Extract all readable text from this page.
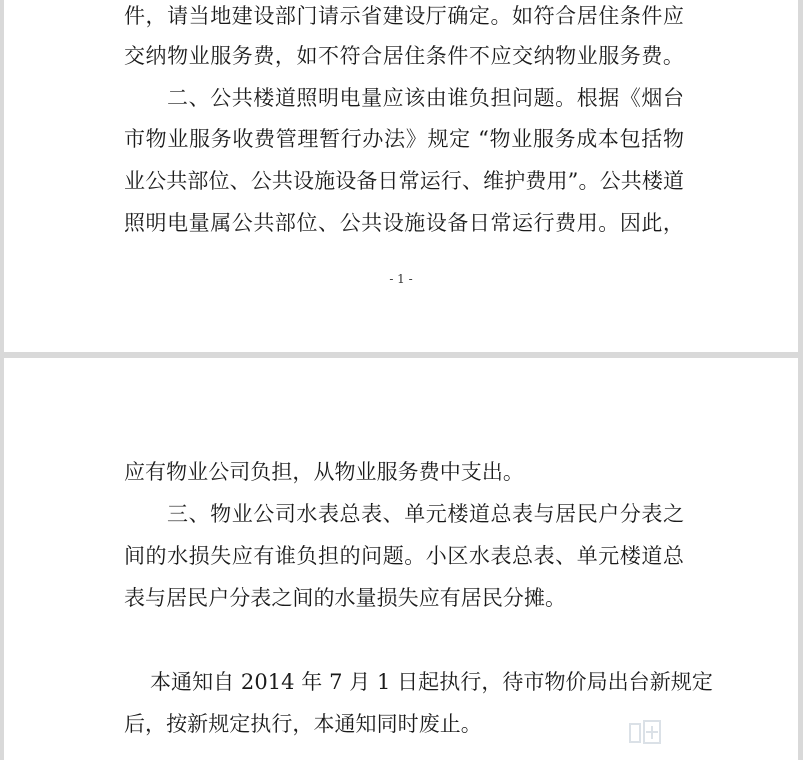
件，请当地建设部门请示省建设厅确定。如符合居住条件应
交纳物业服务费，如不符合居住条件不应交纳物业服务费。
二、公共楼道照明电量应该由谁负担问题。根据《烟台
市物业服务收费管理暂行办法》规定 “物业服务成本包括物
业公共部位、公共设施设备日常运行、维护费用”。公共楼道
照明电量属公共部位、公共设施设备日常运行费用。因此，
- 1 -
应有物业公司负担，从物业服务费中支出。
三、物业公司水表总表、单元楼道总表与居民户分表之
间的水损失应有谁负担的问题。小区水表总表、单元楼道总
表与居民户分表之间的水量损失应有居民分摊。
本通知自 2014 年 7 月 1 日起执行，待市物价局出台新规定
后，按新规定执行，本通知同时废止。
